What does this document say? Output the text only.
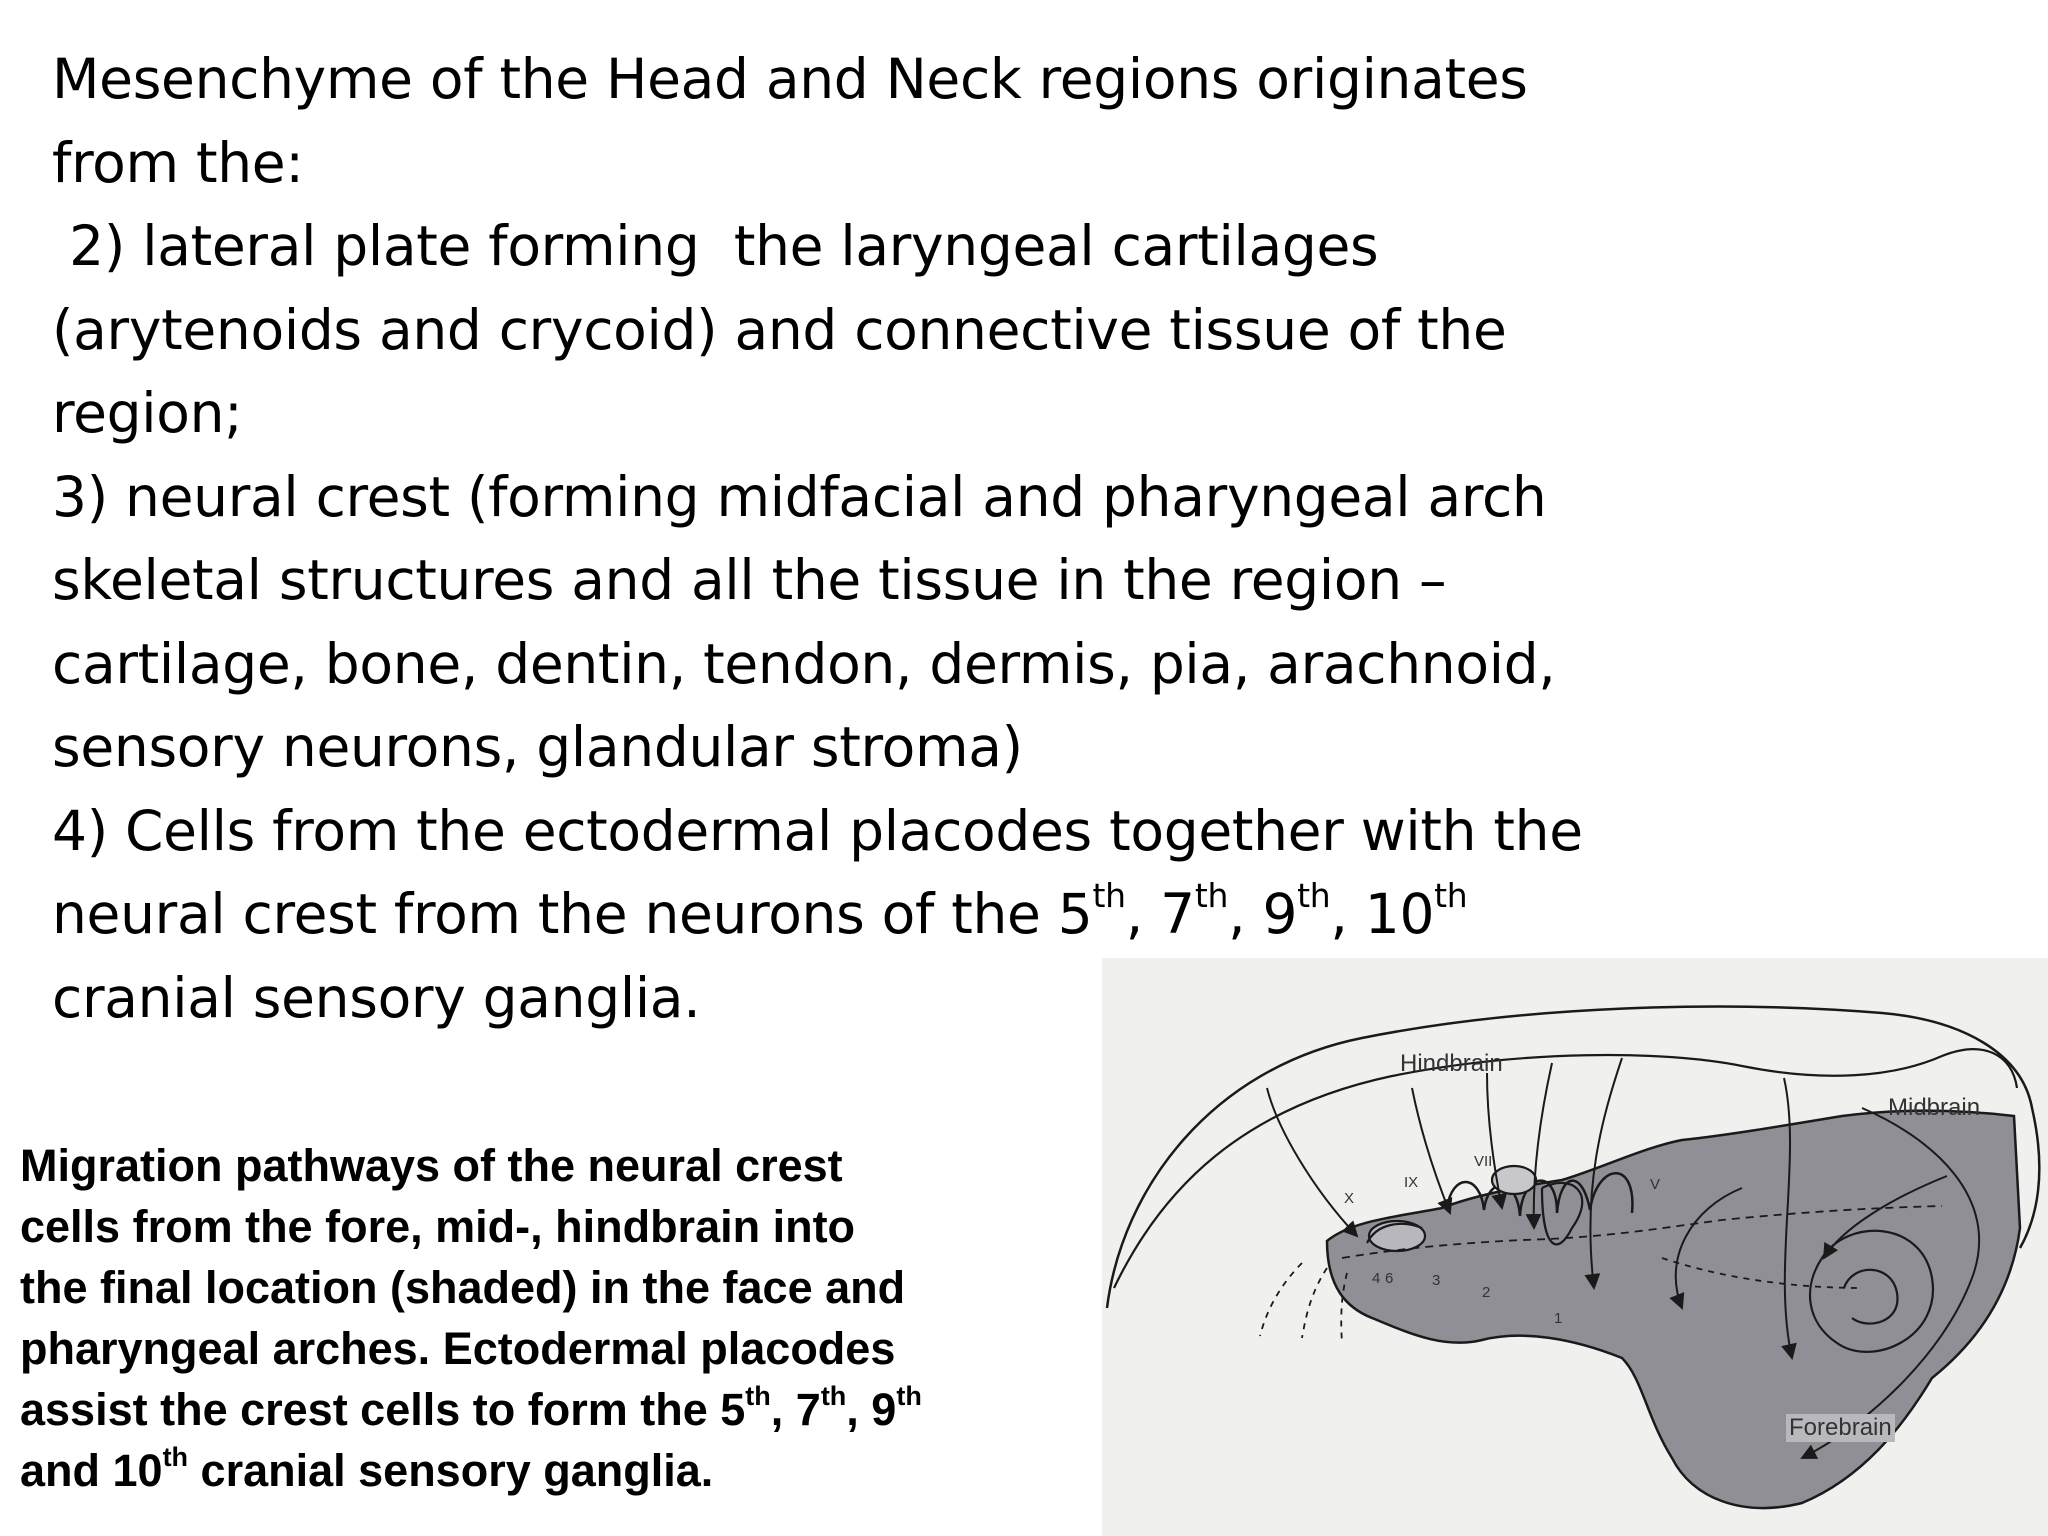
Mesenchyme of the Head and Neck regions originates
from the:
2) lateral plate forming  the laryngeal cartilages
(arytenoids and crycoid) and connective tissue of the
region;
3) neural crest (forming midfacial and pharyngeal arch
skeletal structures and all the tissue in the region –
cartilage, bone, dentin, tendon, dermis, pia, arachnoid,
sensory neurons, glandular stroma)
4) Cells from the ectodermal placodes together with the
neural crest from the neurons of the 5th, 7th, 9th, 10th
cranial sensory ganglia.
Migration pathways of the neural crest
cells from the fore, mid-, hindbrain into
the final location (shaded) in the face and
pharyngeal arches. Ectodermal placodes
assist the crest cells to form the 5th, 7th, 9th
and 10th cranial sensory ganglia.
Hindbrain
Midbrain
Forebrain
X
IX
VII
V
4 6	3
2
1
